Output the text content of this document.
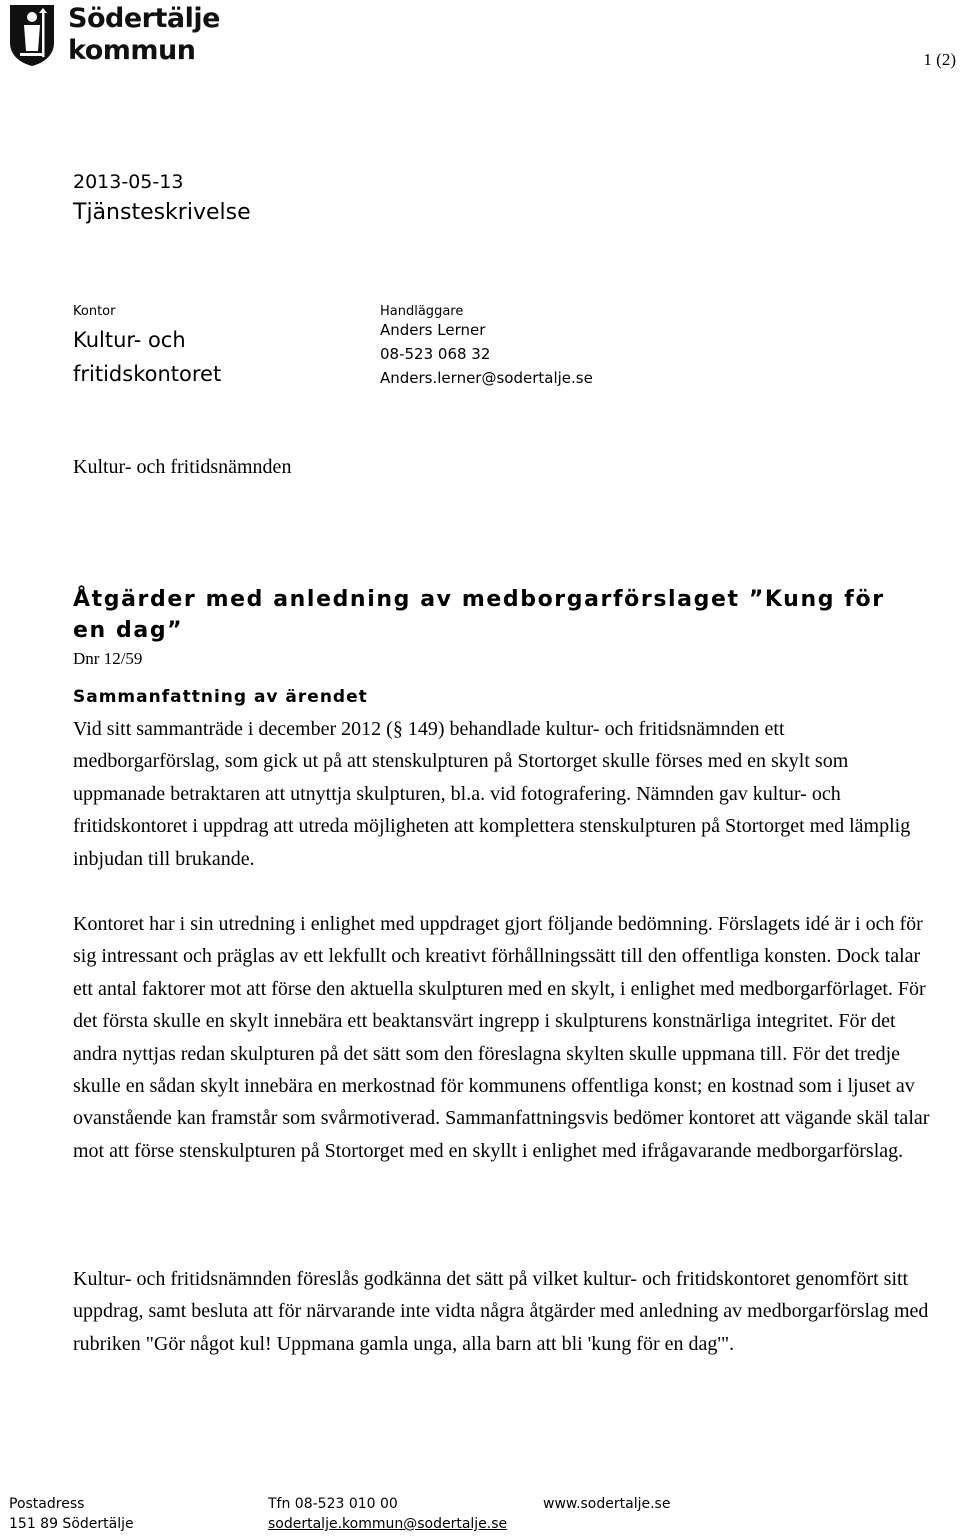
Södertälje
kommun	1 (2)
2013-05-13
Tjänsteskrivelse
Kontor
Kultur- och fritidskontoret
Handläggare
Anders Lerner
08-523 068 32
Anders.lerner@sodertalje.se
Kultur- och fritidsnämnden
Åtgärder med anledning av medborgarförslaget ”Kung för en dag”
Dnr 12/59
Sammanfattning av ärendet

Vid sitt sammanträde i december 2012 (§ 149) behandlade kultur- och fritidsnämnden ett medborgarförslag, som gick ut på att stenskulpturen på Stortorget skulle förses med en skylt som uppmanade betraktaren att utnyttja skulpturen, bl.a. vid fotografering. Nämnden gav kultur- och fritidskontoret i uppdrag att utreda möjligheten att komplettera stenskulpturen på Stortorget med lämplig inbjudan till brukande.

Kontoret har i sin utredning i enlighet med uppdraget gjort följande bedömning. Förslagets idé är i och för sig intressant och präglas av ett lekfullt och kreativt förhållningssätt till den offentliga konsten. Dock talar ett antal faktorer mot att förse den aktuella skulpturen med en skylt, i enlighet med medborgarförlaget. För det första skulle en skylt innebära ett beaktansvärt ingrepp i skulpturens konstnärliga integritet. För det andra nyttjas redan skulpturen på det sätt som den föreslagna skylten skulle uppmana till. För det tredje skulle en sådan skylt innebära en merkostnad för kommunens offentliga konst; en kostnad som i ljuset av ovanstående kan framstår som svårmotiverad. Sammanfattningsvis bedömer kontoret att vägande skäl talar mot att förse stenskulpturen på Stortorget med en skyllt i enlighet med ifrågavarande medborgarförslag.

Kultur- och fritidsnämnden föreslås godkänna det sätt på vilket kultur- och fritidskontoret genomfört sitt uppdrag, samt besluta att för närvarande inte vidta några åtgärder med anledning av medborgarförslag med rubriken "Gör något kul! Uppmana gamla unga, alla barn att bli 'kung för en dag'".

Postadress
151 89 Södertälje
Tfn 08-523 010 00
sodertalje.kommun@sodertalje.se
www.sodertalje.se
